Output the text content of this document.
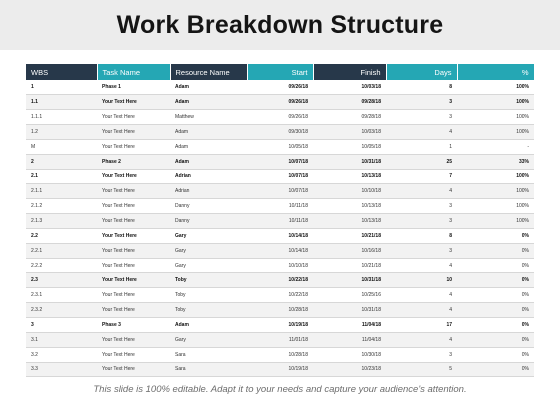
Work Breakdown Structure
WBS	Task Name	Resource Name	Start	Finish	Days	%
1	Phase 1	Adam	09/26/18	10/03/18	8	100%
1.1	Your Text Here	Adam	09/26/18	09/28/18	3	100%
1.1.1	Your Text Here	Matthew	09/26/18	09/28/18	3	100%
1.2	Your Text Here	Adam	09/30/18	10/03/18	4	100%
M	Your Text Here	Adam	10/05/18	10/05/18	1	-
2	Phase 2	Adam	10/07/18	10/31/18	25	33%
2.1	Your Text Here	Adrian	10/07/18	10/13/18	7	100%
2.1.1	Your Text Here	Adrian	10/07/18	10/10/18	4	100%
2.1.2	Your Text Here	Danny	10/11/18	10/13/18	3	100%
2.1.3	Your Text Here	Danny	10/11/18	10/13/18	3	100%
2.2	Your Text Here	Gary	10/14/18	10/21/18	8	0%
2.2.1	Your Text Here	Gary	10/14/18	10/16/18	3	0%
2.2.2	Your Text Here	Gary	10/10/18	10/21/18	4	0%
2.3	Your Text Here	Toby	10/22/18	10/31/18	10	0%
2.3.1	Your Text Here	Toby	10/22/18	10/25/16	4	0%
2.3.2	Your Text Here	Toby	10/28/18	10/31/18	4	0%
3	Phase 3	Adam	10/19/18	11/04/18	17	0%
3.1	Your Text Here	Gary	11/01/18	11/04/18	4	0%
3.2	Your Text Here	Sara	10/28/18	10/30/18	3	0%
3.3	Your Text Here	Sara	10/19/18	10/23/18	5	0%
This slide is 100% editable. Adapt it to your needs and capture your audience's attention.
